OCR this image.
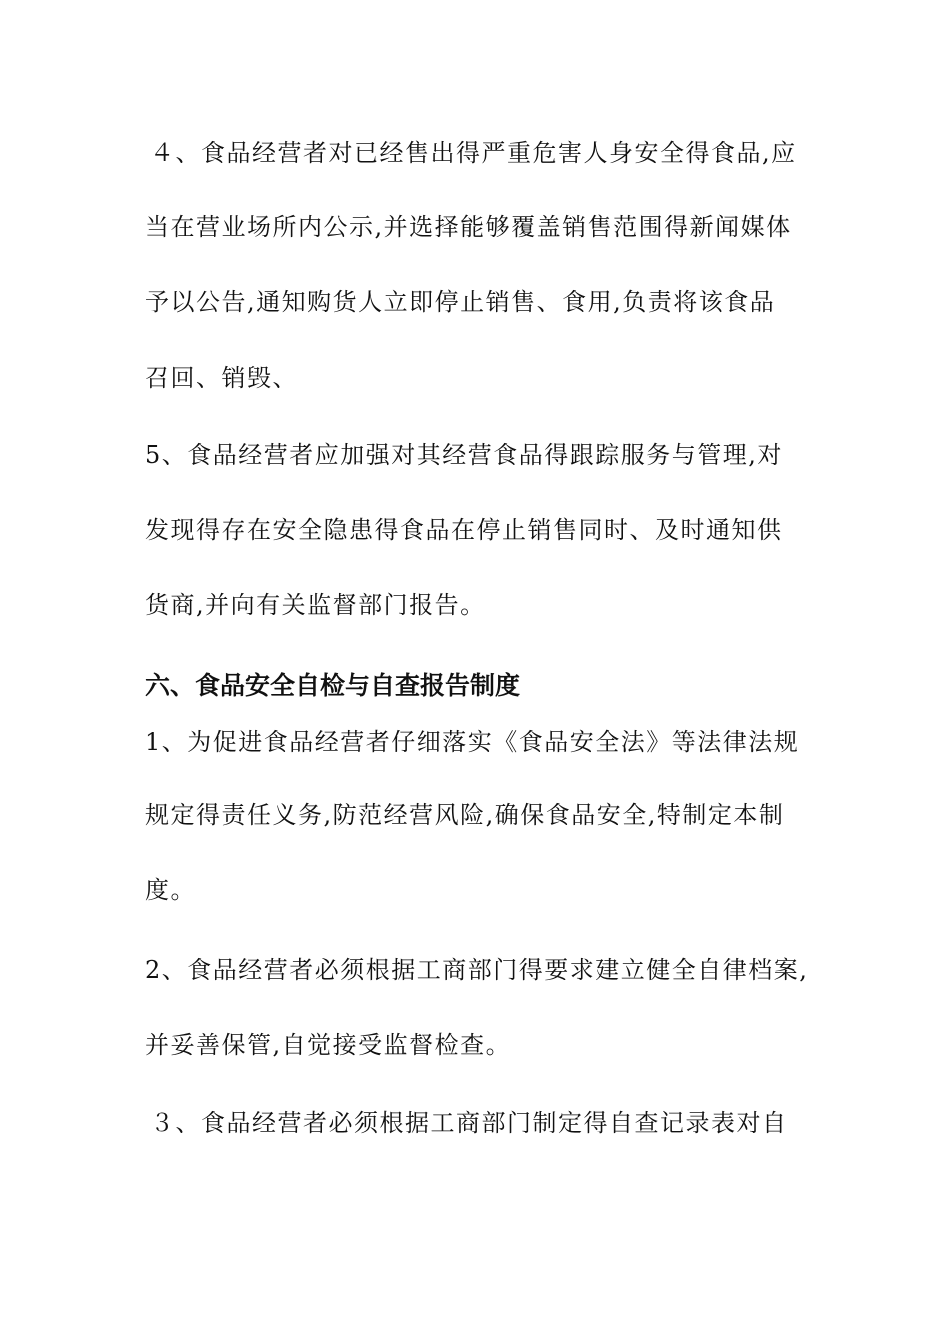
４、食品经营者对已经售出得严重危害人身安全得食品,应
当在营业场所内公示,并选择能够覆盖销售范围得新闻媒体
予以公告,通知购货人立即停止销售、食用,负责将该食品
召回、销毁、
5、食品经营者应加强对其经营食品得跟踪服务与管理,对
发现得存在安全隐患得食品在停止销售同时、及时通知供
货商,并向有关监督部门报告。
六、食品安全自检与自查报告制度
1、为促进食品经营者仔细落实《食品安全法》等法律法规
规定得责任义务,防范经营风险,确保食品安全,特制定本制
度。
2、食品经营者必须根据工商部门得要求建立健全自律档案,
并妥善保管,自觉接受监督检查。
３、食品经营者必须根据工商部门制定得自查记录表对自
